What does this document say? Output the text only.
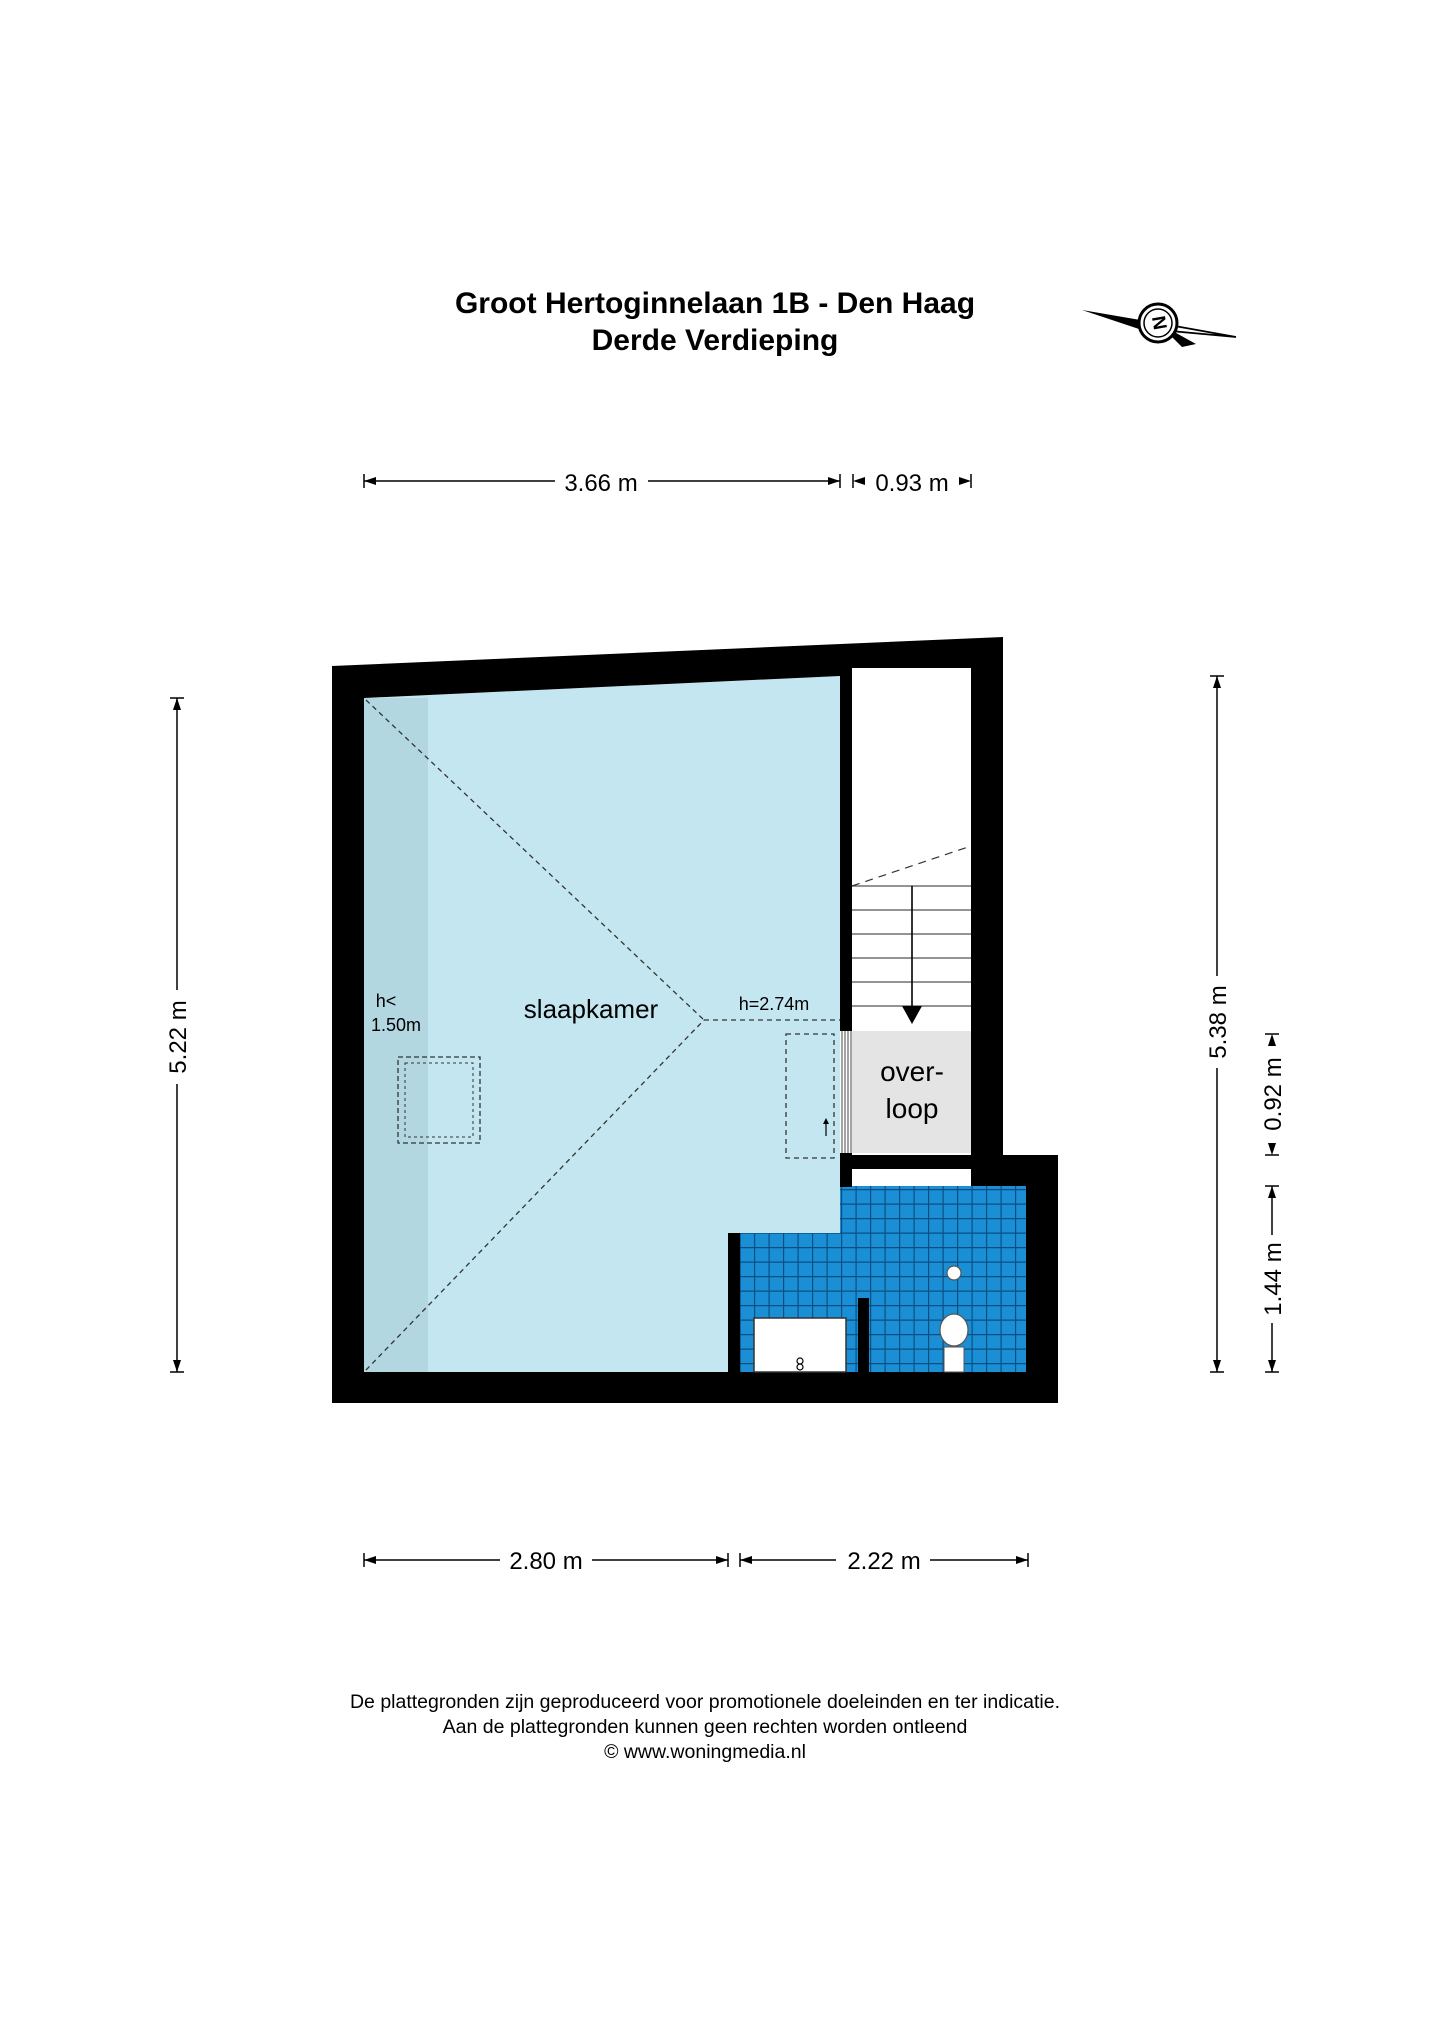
Groot Hertoginnelaan 1B - Den Haag
Derde Verdieping
N
slaapkamer
h<
1.50m
h=2.74m
over-
loop
3.66 m	0.93 m
5.22 m	5.38 m
0.92 m
1.44 m
2.80 m	2.22 m
De plattegronden zijn geproduceerd voor promotionele doeleinden en ter indicatie.
Aan de plattegronden kunnen geen rechten worden ontleend
© www.woningmedia.nl
